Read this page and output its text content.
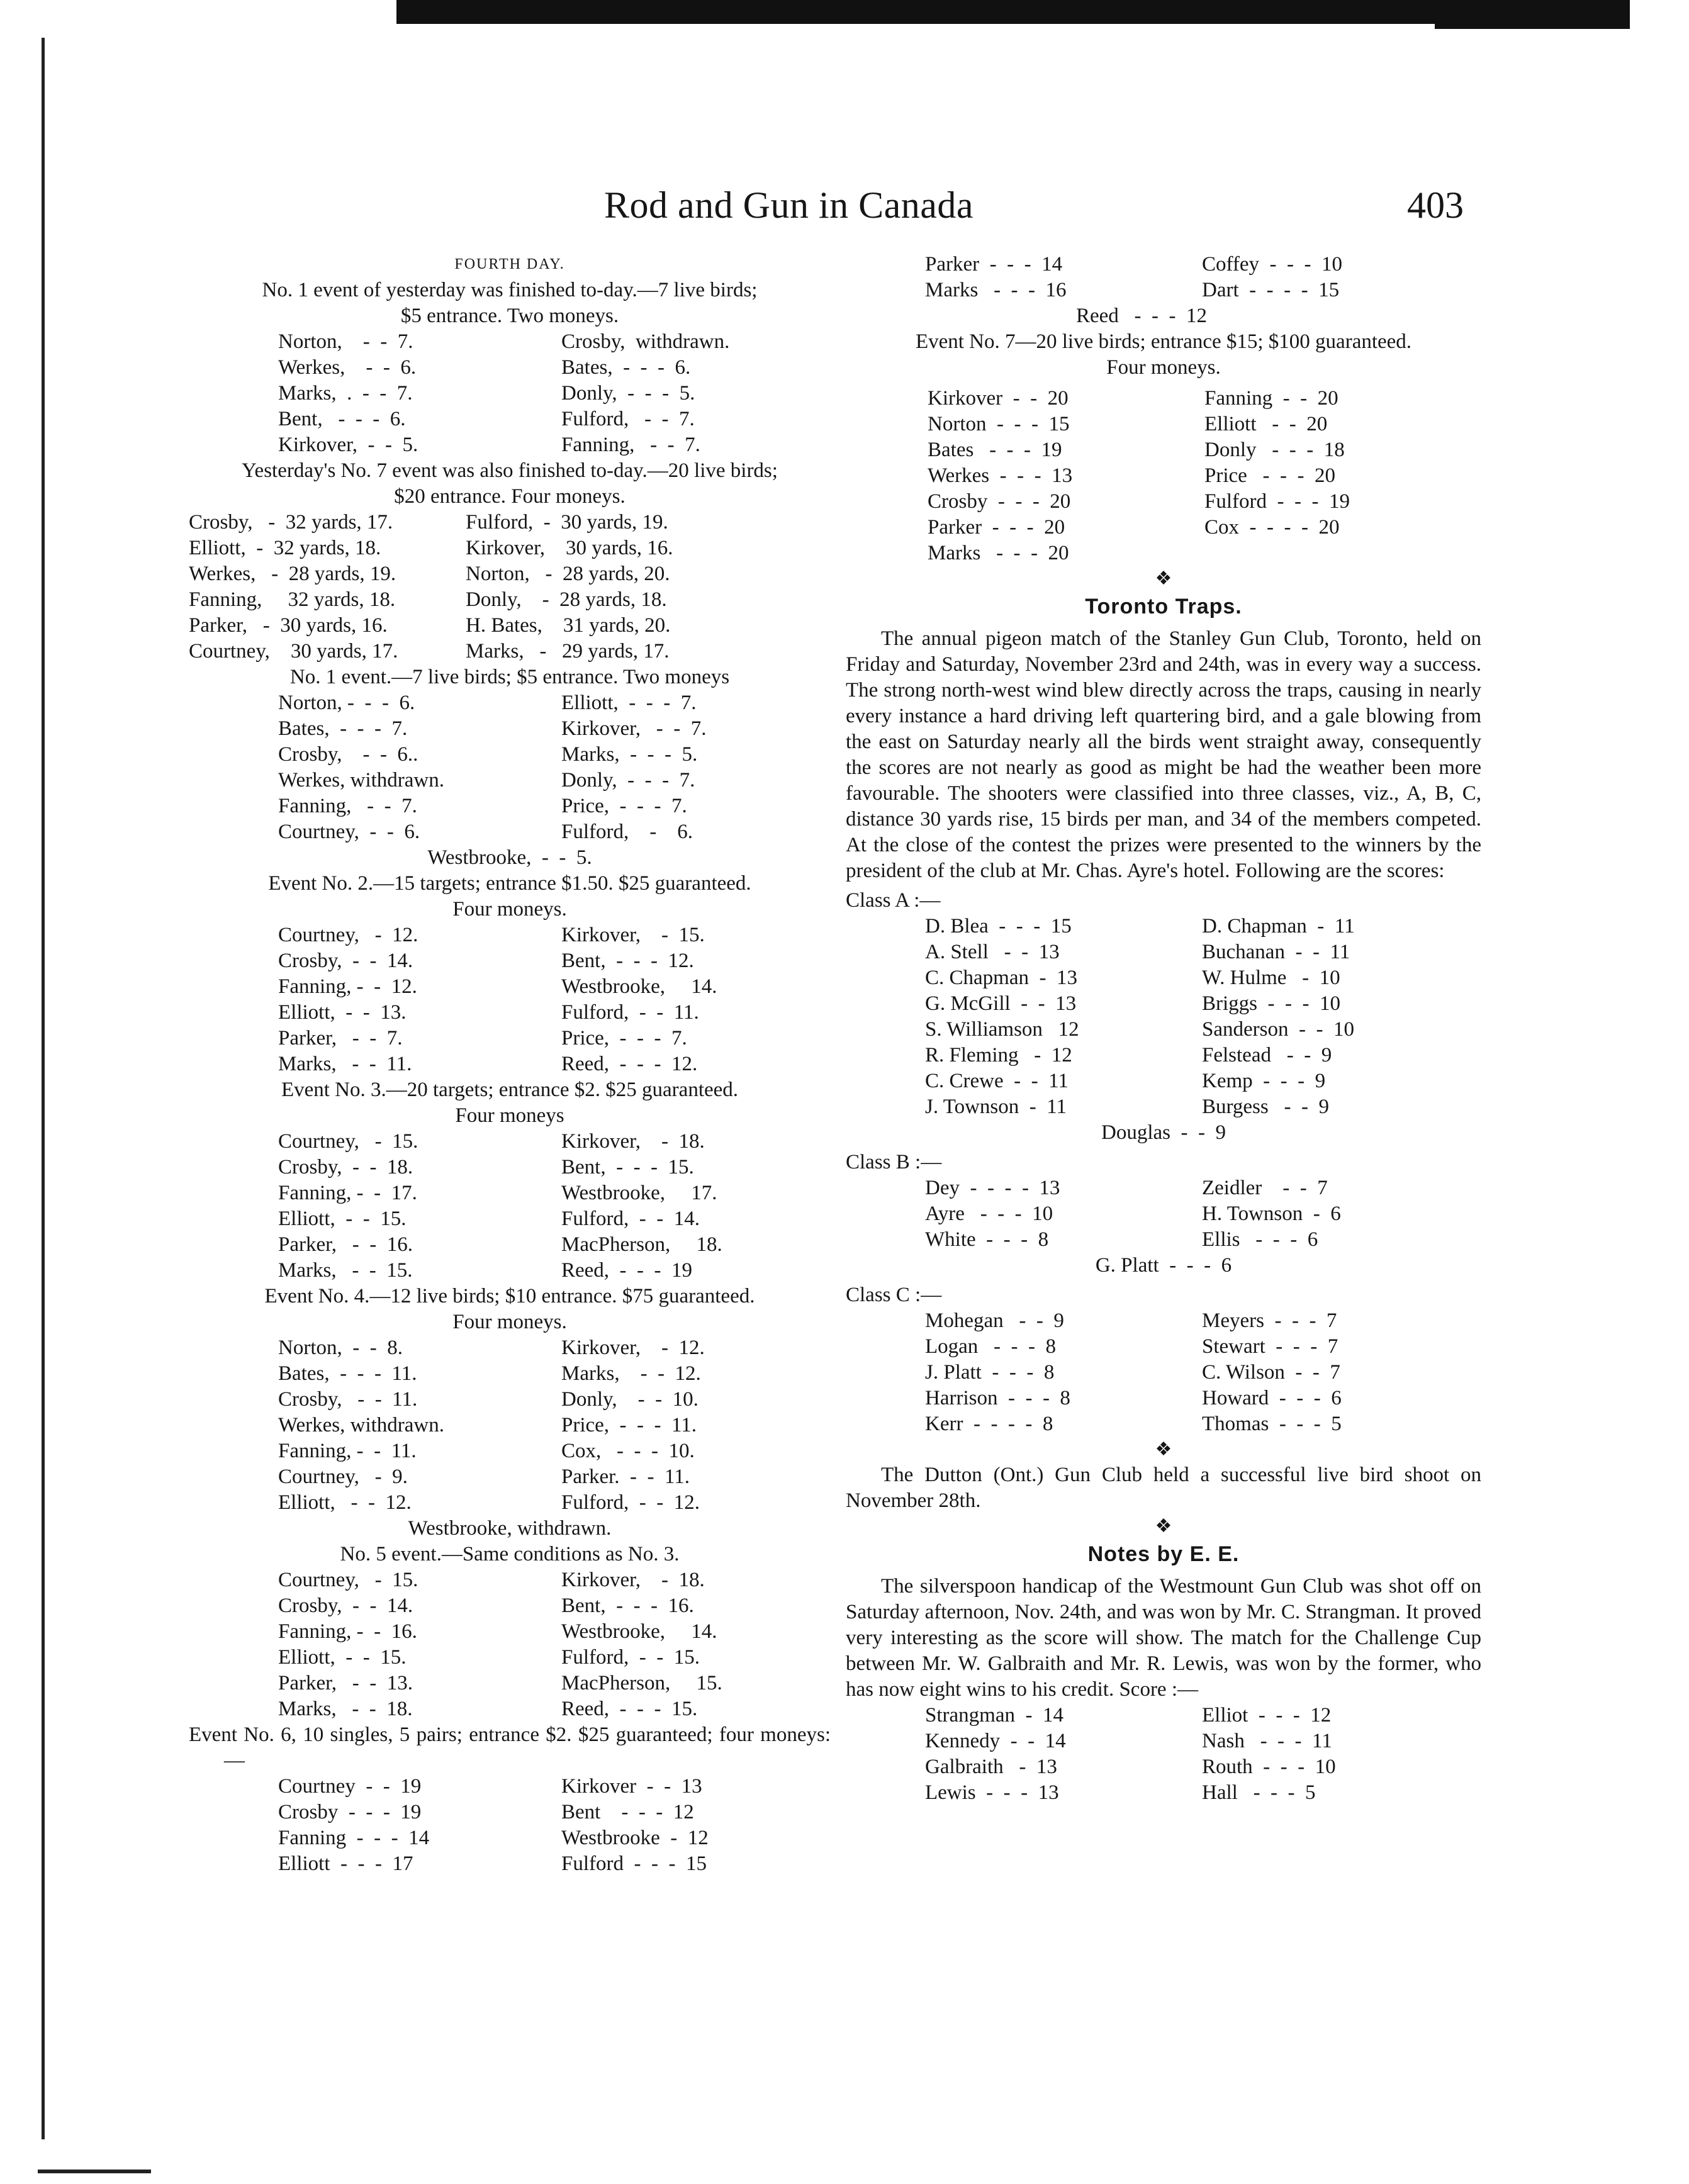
Rod and Gun in Canada	403
FOURTH DAY.
No. 1 event of yesterday was finished to-day.—7 live birds;
$5 entrance. Two moneys.
Norton,    -  -  7.	Crosby,  withdrawn.
Werkes,    -  -  6.	Bates,  -  -  -  6.
Marks,  .  -  -  7.	Donly,  -  -  -  5.
Bent,   -  -  -  6.	Fulford,   -  -  7.
Kirkover,  -  -  5.	Fanning,   -  -  7.
Yesterday's No. 7 event was also finished to-day.—20 live birds;
$20 entrance. Four moneys.
Crosby,   -  32 yards, 17.	Fulford,  -  30 yards, 19.
Elliott,  -  32 yards, 18.	Kirkover,    30 yards, 16.
Werkes,   -  28 yards, 19.	Norton,   -  28 yards, 20.
Fanning,     32 yards, 18.	Donly,    -  28 yards, 18.
Parker,   -  30 yards, 16.	H. Bates,    31 yards, 20.
Courtney,    30 yards, 17.	Marks,   -   29 yards, 17.
No. 1 event.—7 live birds; $5 entrance. Two moneys
Norton, -  -  -  6.	Elliott,  -  -  -  7.
Bates,  -  -  -  7.	Kirkover,   -  -  7.
Crosby,    -  -  6..	Marks,  -  -  -  5.
Werkes, withdrawn.	Donly,  -  -  -  7.
Fanning,   -  -  7.	Price,  -  -  -  7.
Courtney,  -  -  6.	Fulford,    -    6.
Westbrooke,  -  -  5.
Event No. 2.—15 targets; entrance $1.50. $25 guaranteed.
Four moneys.
Courtney,   -  12.	Kirkover,    -  15.
Crosby,  -  -  14.	Bent,  -  -  -  12.
Fanning, -  -  12.	Westbrooke,     14.
Elliott,  -  -  13.	Fulford,  -  -  11.
Parker,   -  -  7.	Price,  -  -  -  7.
Marks,   -  -  11.	Reed,  -  -  -  12.
Event No. 3.—20 targets; entrance $2. $25 guaranteed.
Four moneys
Courtney,   -  15.	Kirkover,    -  18.
Crosby,  -  -  18.	Bent,  -  -  -  15.
Fanning, -  -  17.	Westbrooke,     17.
Elliott,  -  -  15.	Fulford,  -  -  14.
Parker,   -  -  16.	MacPherson,     18.
Marks,   -  -  15.	Reed,  -  -  -  19
Event No. 4.—12 live birds; $10 entrance. $75 guaranteed.
Four moneys.
Norton,  -  -  8.	Kirkover,    -  12.
Bates,  -  -  -  11.	Marks,    -  -  12.
Crosby,   -  -  11.	Donly,    -  -  10.
Werkes, withdrawn.	Price,  -  -  -  11.
Fanning, -  -  11.	Cox,   -  -  -  10.
Courtney,   -  9.	Parker.  -  -  11.
Elliott,   -  -  12.	Fulford,  -  -  12.
Westbrooke, withdrawn.
No. 5 event.—Same conditions as No. 3.
Courtney,   -  15.	Kirkover,    -  18.
Crosby,  -  -  14.	Bent,  -  -  -  16.
Fanning, -  -  16.	Westbrooke,     14.
Elliott,  -  -  15.	Fulford,  -  -  15.
Parker,   -  -  13.	MacPherson,     15.
Marks,   -  -  18.	Reed,  -  -  -  15.
Event No. 6, 10 singles, 5 pairs; entrance $2. $25 guaranteed; four moneys:—
Courtney  -  -  19	Kirkover  -  -  13
Crosby  -  -  -  19	Bent    -  -  -  12
Fanning  -  -  -  14	Westbrooke  -  12
Elliott  -  -  -  17	Fulford  -  -  -  15
Parker  -  -  -  14	Coffey  -  -  -  10
Marks   -  -  -  16	Dart  -  -  -  -  15
Reed   -  -  -  12
Event No. 7—20 live birds; entrance $15; $100 guaranteed.
Four moneys.
Kirkover  -  -  20	Fanning  -  -  20
Norton  -  -  -  15	Elliott   -  -  20
Bates   -  -  -  19	Donly   -  -  -  18
Werkes  -  -  -  13	Price   -  -  -  20
Crosby  -  -  -  20	Fulford  -  -  -  19
Parker  -  -  -  20	Cox  -  -  -  -  20
Marks   -  -  -  20
❖
Toronto Traps.

The annual pigeon match of the Stanley Gun Club, Toronto, held on Friday and Saturday, November 23rd and 24th, was in every way a success. The strong north-west wind blew directly across the traps, causing in nearly every instance a hard driving left quartering bird, and a gale blowing from the east on Saturday nearly all the birds went straight away, consequently the scores are not nearly as good as might be had the weather been more favourable. The shooters were classified into three classes, viz., A, B, C, distance 30 yards rise, 15 birds per man, and 34 of the members competed. At the close of the contest the prizes were presented to the winners by the president of the club at Mr. Chas. Ayre's hotel. Following are the scores:

Class A :—
D. Blea  -  -  -  15	D. Chapman  -  11
A. Stell   -  -  13	Buchanan  -  -  11
C. Chapman  -  13	W. Hulme   -  10
G. McGill  -  -  13	Briggs  -  -  -  10
S. Williamson   12	Sanderson  -  -  10
R. Fleming   -  12	Felstead   -  -  9
C. Crewe  -  -  11	Kemp  -  -  -  9
J. Townson  -  11	Burgess   -  -  9
Douglas  -  -  9
Class B :—
Dey  -  -  -  -  13	Zeidler    -  -  7
Ayre   -  -  -  10	H. Townson  -  6
White  -  -  -  8	Ellis   -  -  -  6
G. Platt  -  -  -  6
Class C :—
Mohegan   -  -  9	Meyers  -  -  -  7
Logan   -  -  -  8	Stewart  -  -  -  7
J. Platt  -  -  -  8	C. Wilson  -  -  7
Harrison  -  -  -  8	Howard  -  -  -  6
Kerr  -  -  -  -  8	Thomas  -  -  -  5
❖

The Dutton (Ont.) Gun Club held a successful live bird shoot on November 28th.

❖
Notes by E. E.

The silverspoon handicap of the Westmount Gun Club was shot off on Saturday afternoon, Nov. 24th, and was won by Mr. C. Strangman. It proved very interesting as the score will show. The match for the Challenge Cup between Mr. W. Galbraith and Mr. R. Lewis, was won by the former, who has now eight wins to his credit. Score :—

Strangman  -  14	Elliot  -  -  -  12
Kennedy  -  -  14	Nash   -  -  -  11
Galbraith   -  13	Routh  -  -  -  10
Lewis  -  -  -  13	Hall   -  -  -  5
